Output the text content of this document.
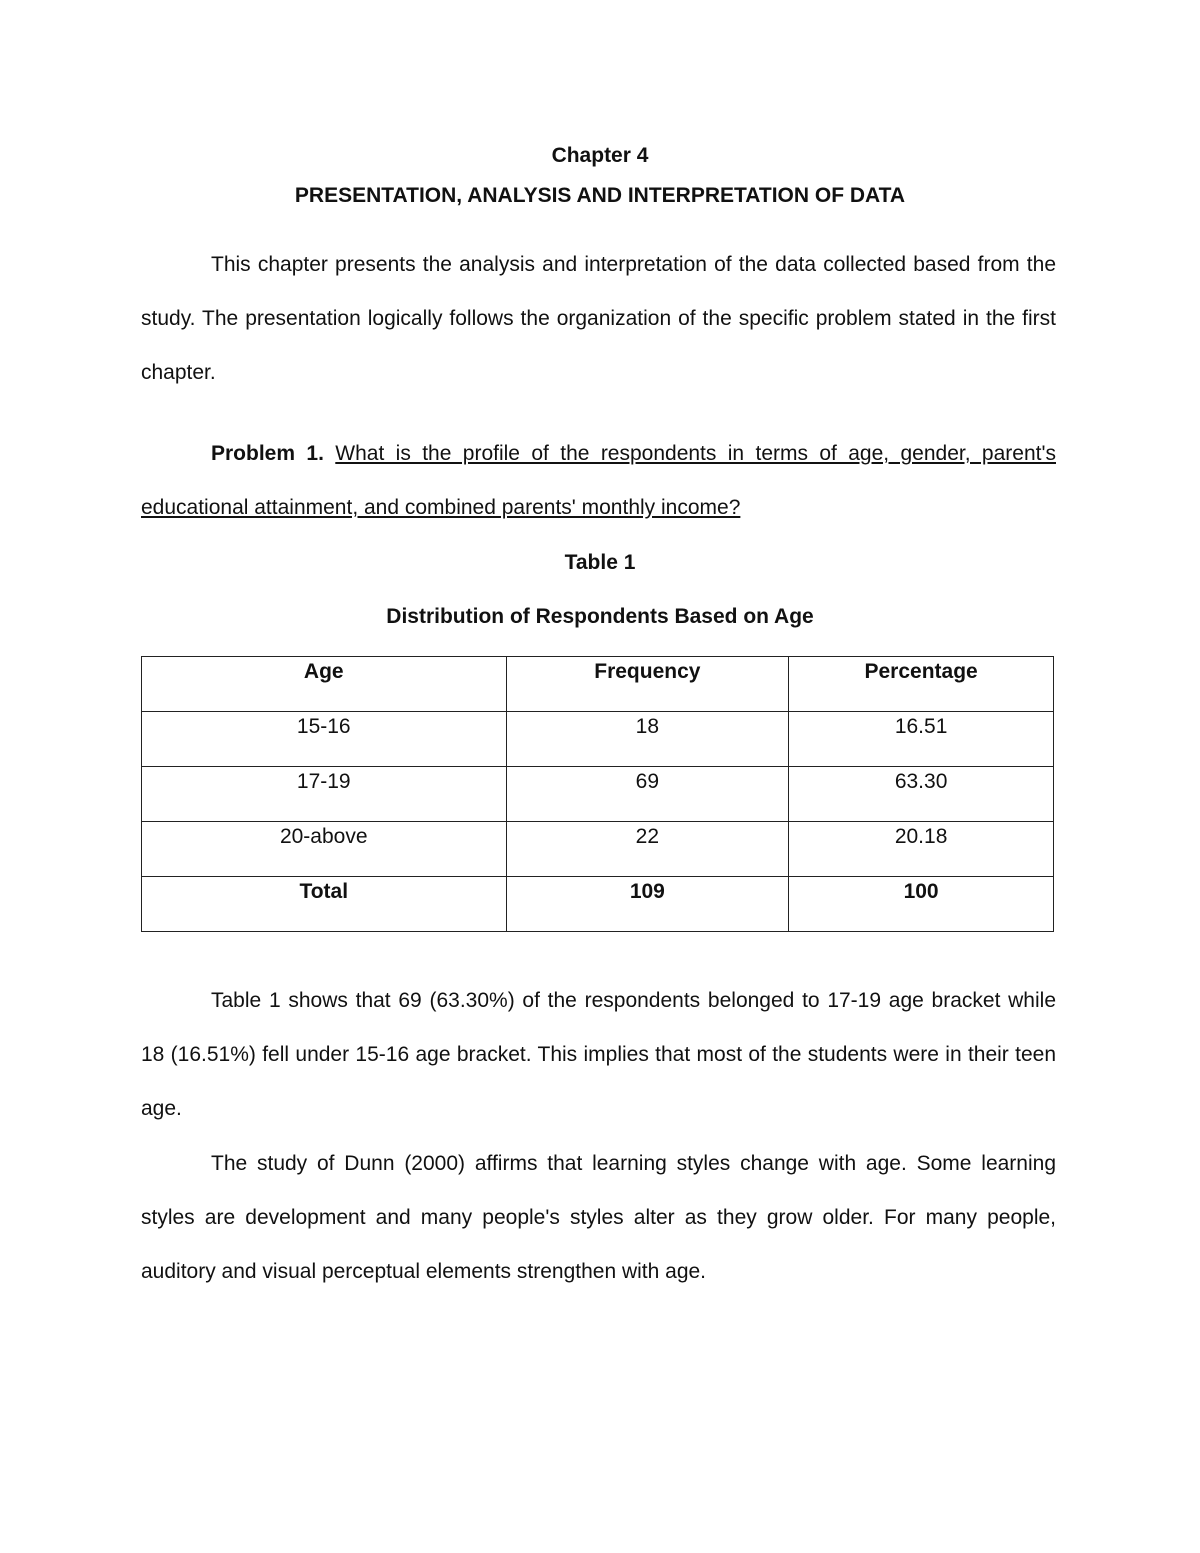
Chapter 4
PRESENTATION, ANALYSIS AND INTERPRETATION OF DATA

This chapter presents the analysis and interpretation of the data collected based from the study. The presentation logically follows the organization of the specific problem stated in the first chapter.

Problem 1. What is the profile of the respondents in terms of age, gender, parent's educational attainment, and combined parents' monthly income?

Table 1
Distribution of Respondents Based on Age
Age	Frequency	Percentage
15-16	18	16.51
17-19	69	63.30
20-above	22	20.18
Total	109	100

Table 1 shows that 69 (63.30%) of the respondents belonged to 17-19 age bracket while 18 (16.51%) fell under 15-16 age bracket. This implies that most of the students were in their teen age.

The study of Dunn (2000) affirms that learning styles change with age. Some learning styles are development and many people's styles alter as they grow older. For many people, auditory and visual perceptual elements strengthen with age.
